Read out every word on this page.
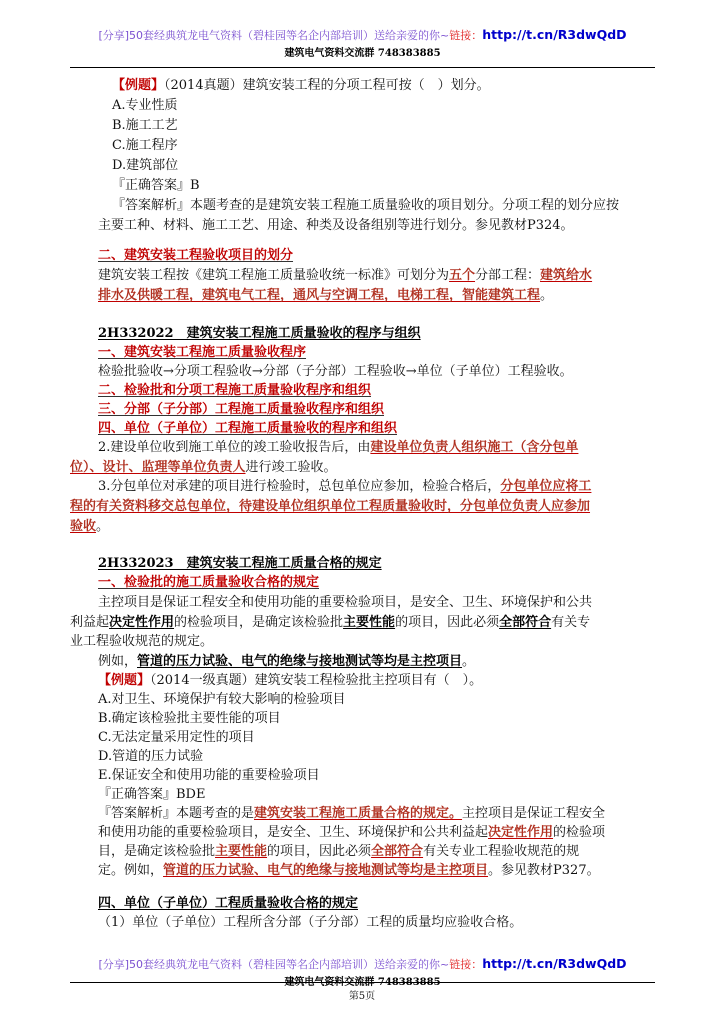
[分享]50套经典筑龙电气资料（碧桂园等名企内部培训）送给亲爱的你~链接：http://t.cn/R3dwQdD
建筑电气资料交流群 748383885
【例题】（2014真题）建筑安装工程的分项工程可按（　）划分。
A.专业性质
B.施工工艺
C.施工程序
D.建筑部位
『正确答案』B
『答案解析』本题考查的是建筑安装工程施工质量验收的项目划分。分项工程的划分应按
主要工种、材料、施工工艺、用途、种类及设备组别等进行划分。参见教材P324。
二、建筑安装工程验收项目的划分
建筑安装工程按《建筑工程施工质量验收统一标准》可划分为五个分部工程：建筑给水
排水及供暖工程，建筑电气工程，通风与空调工程，电梯工程，智能建筑工程。
2H332022　建筑安装工程施工质量验收的程序与组织
一、建筑安装工程施工质量验收程序
检验批验收→分项工程验收→分部（子分部）工程验收→单位（子单位）工程验收。
二、检验批和分项工程施工质量验收程序和组织
三、分部（子分部）工程施工质量验收程序和组织
四、单位（子单位）工程施工质量验收的程序和组织
2.建设单位收到施工单位的竣工验收报告后，由建设单位负责人组织施工（含分包单
位）、设计、监理等单位负责人进行竣工验收。
3.分包单位对承建的项目进行检验时，总包单位应参加，检验合格后，分包单位应将工
程的有关资料移交总包单位，待建设单位组织单位工程质量验收时，分包单位负责人应参加
验收。
2H332023　建筑安装工程施工质量合格的规定
一、检验批的施工质量验收合格的规定
主控项目是保证工程安全和使用功能的重要检验项目，是安全、卫生、环境保护和公共
利益起决定性作用的检验项目，是确定该检验批主要性能的项目，因此必须全部符合有关专
业工程验收规范的规定。
例如，管道的压力试验、电气的绝缘与接地测试等均是主控项目。
【例题】（2014一级真题）建筑安装工程检验批主控项目有（　）。
A.对卫生、环境保护有较大影响的检验项目
B.确定该检验批主要性能的项目
C.无法定量采用定性的项目
D.管道的压力试验
E.保证安全和使用功能的重要检验项目
『正确答案』BDE
『答案解析』本题考查的是建筑安装工程施工质量合格的规定。主控项目是保证工程安全
和使用功能的重要检验项目，是安全、卫生、环境保护和公共利益起决定性作用的检验项
目，是确定该检验批主要性能的项目，因此必须全部符合有关专业工程验收规范的规
定。例如，管道的压力试验、电气的绝缘与接地测试等均是主控项目。参见教材P327。
四、单位（子单位）工程质量验收合格的规定
（1）单位（子单位）工程所含分部（子分部）工程的质量均应验收合格。
[分享]50套经典筑龙电气资料（碧桂园等名企内部培训）送给亲爱的你~链接：http://t.cn/R3dwQdD
建筑电气资料交流群 748383885
第5页
